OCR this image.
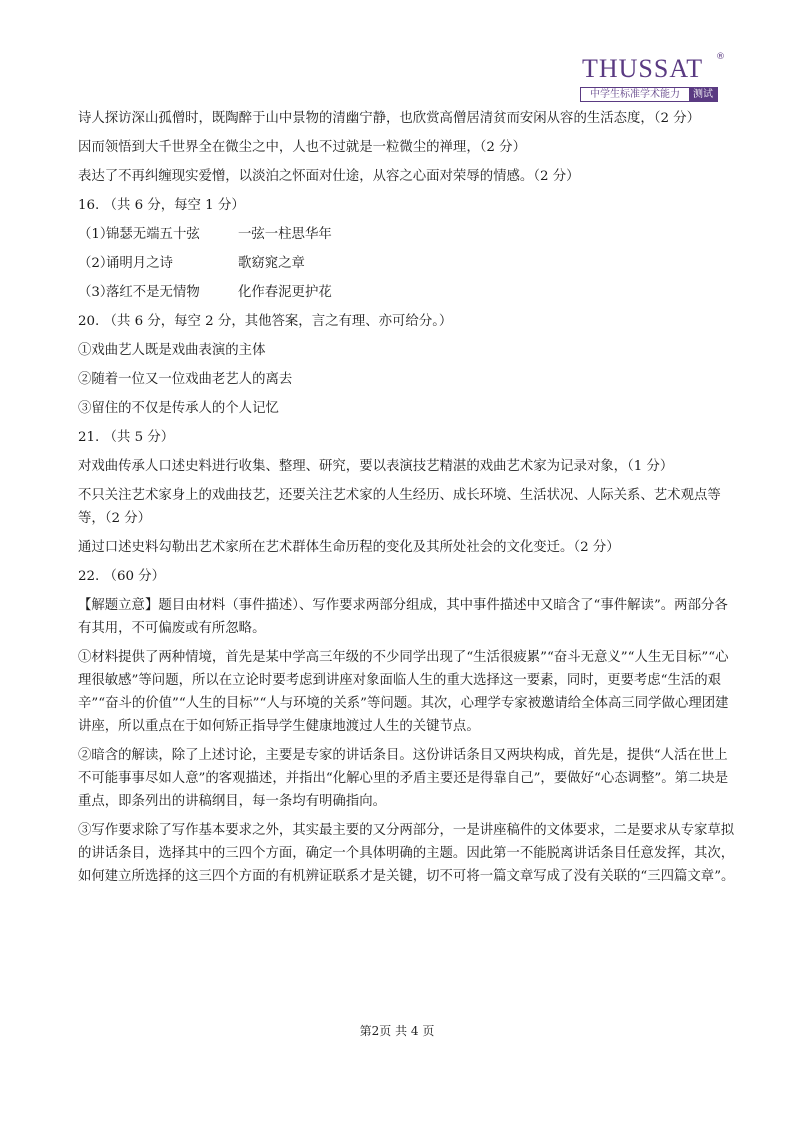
THUSSAT ®
中学生标准学术能力	测试

诗人探访深山孤僧时，既陶醉于山中景物的清幽宁静，也欣赏高僧居清贫而安闲从容的生活态度，（2 分）

因而领悟到大千世界全在微尘之中，人也不过就是一粒微尘的禅理，（2 分）

表达了不再纠缠现实爱憎，以淡泊之怀面对仕途，从容之心面对荣辱的情感。（2 分）

16. （共 6 分，每空 1 分）

（1）
锦瑟无端五十弦	一弦一柱思华年
（2）
诵明月之诗	歌窈窕之章
（3）
落红不是无情物	化作春泥更护花

20. （共 6 分，每空 2 分，其他答案，言之有理、亦可给分。）

①戏曲艺人既是戏曲表演的主体

②随着一位又一位戏曲老艺人的离去

③留住的不仅是传承人的个人记忆

21. （共 5 分）

对戏曲传承人口述史料进行收集、整理、研究，要以表演技艺精湛的戏曲艺术家为记录对象，（1 分）

不只关注艺术家身上的戏曲技艺，还要关注艺术家的人生经历、成长环境、生活状况、人际关系、艺术观点等等，（2 分）

通过口述史料勾勒出艺术家所在艺术群体生命历程的变化及其所处社会的文化变迁。（2 分）

22. （60 分）

【解题立意】题目由材料（事件描述）、写作要求两部分组成，其中事件描述中又暗含了“事件解读”。两部分各有其用，不可偏废或有所忽略。

①材料提供了两种情境，首先是某中学高三年级的不少同学出现了“生活很疲累”“奋斗无意义”“人生无目标”“心理很敏感”等问题，所以在立论时要考虑到讲座对象面临人生的重大选择这一要素，同时，更要考虑“生活的艰辛”“奋斗的价值”“人生的目标”“人与环境的关系”等问题。其次，心理学专家被邀请给全体高三同学做心理团建讲座，所以重点在于如何矫正指导学生健康地渡过人生的关键节点。

②暗含的解读，除了上述讨论，主要是专家的讲话条目。这份讲话条目又两块构成，首先是，提供“人活在世上不可能事事尽如人意”的客观描述，并指出“化解心里的矛盾主要还是得靠自己”，要做好“心态调整”。第二块是重点，即条列出的讲稿纲目，每一条均有明确指向。

③写作要求除了写作基本要求之外，其实最主要的又分两部分，一是讲座稿件的文体要求，二是要求从专家草拟的讲话条目，选择其中的三四个方面，确定一个具体明确的主题。因此第一不能脱离讲话条目任意发挥，其次，如何建立所选择的这三四个方面的有机辨证联系才是关键，切不可将一篇文章写成了没有关联的“三四篇文章”。

第2页 共 4 页
